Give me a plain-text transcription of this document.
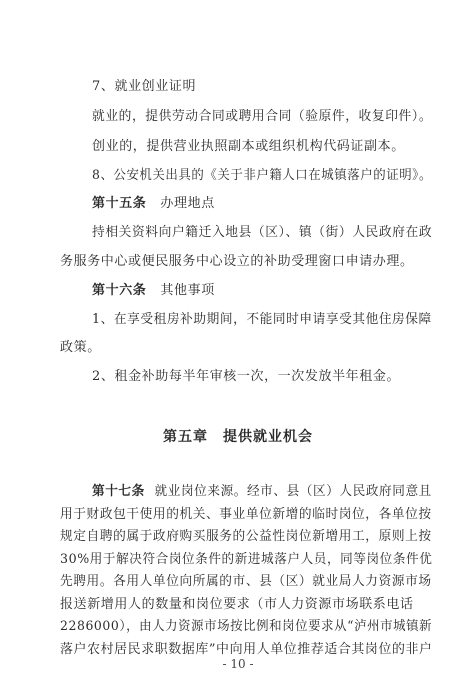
7、就业创业证明
就业的，提供劳动合同或聘用合同（验原件，收复印件）。
创业的，提供营业执照副本或组织机构代码证副本。
8、公安机关出具的《关于非户籍人口在城镇落户的证明》。
第十五条 办理地点
持相关资料向户籍迁入地县（区）、镇（街）人民政府在政
务服务中心或便民服务中心设立的补助受理窗口申请办理。
第十六条 其他事项
1、在享受租房补助期间，不能同时申请享受其他住房保障
政策。
2、租金补助每半年审核一次，一次发放半年租金。
第五章　提供就业机会
第十七条 就业岗位来源。经市、县（区）人民政府同意且
用于财政包干使用的机关、事业单位新增的临时岗位，各单位按
规定自聘的属于政府购买服务的公益性岗位新增用工，原则上按
30%用于解决符合岗位条件的新进城落户人员，同等岗位条件优
先聘用。各用人单位向所属的市、县（区）就业局人力资源市场
报送新增用人的数量和岗位要求（市人力资源市场联系电话
2286000），由人力资源市场按比例和岗位要求从“泸州市城镇新
落户农村居民求职数据库”中向用人单位推荐适合其岗位的非户
- 10 -
